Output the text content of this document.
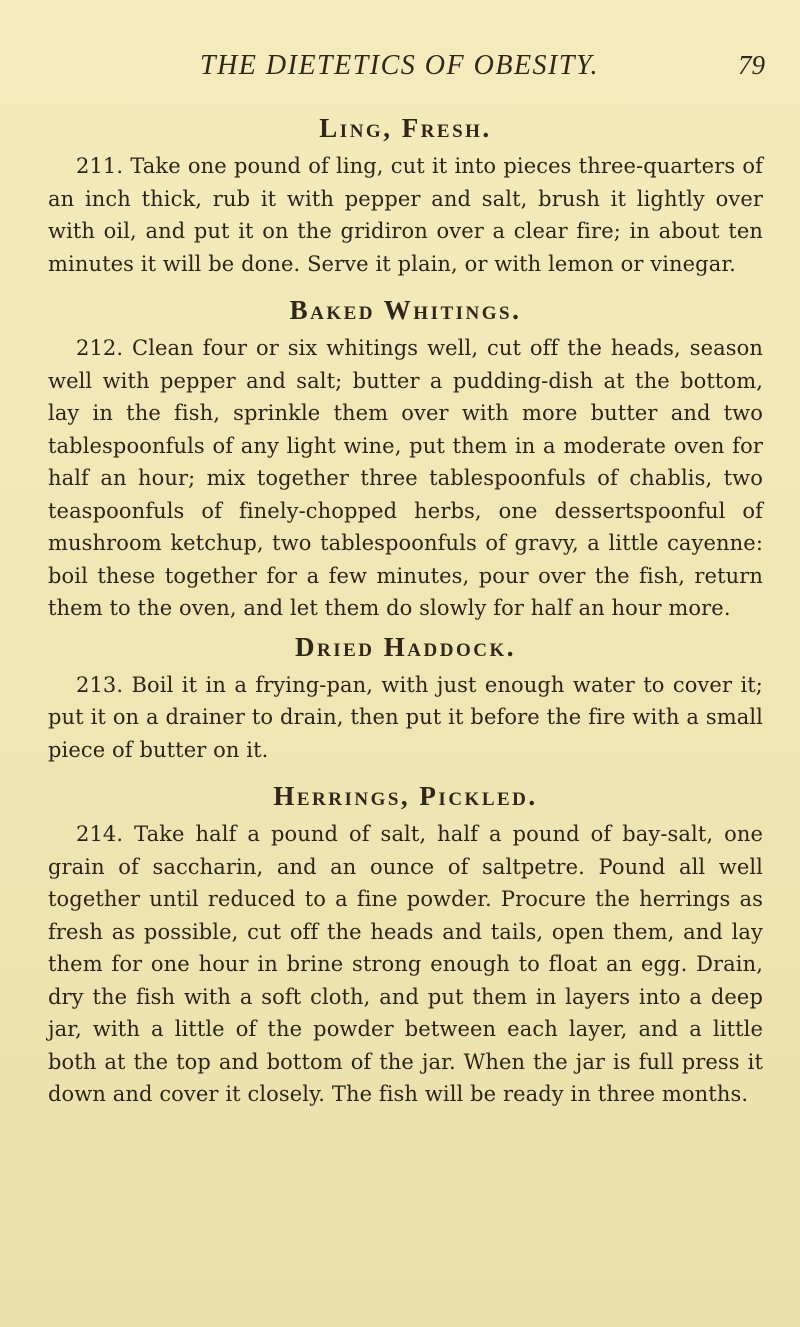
THE DIETETICS OF OBESITY.	79
Ling, Fresh.

211. Take one pound of ling, cut it into pieces three-quarters of an inch thick, rub it with pepper and salt, brush it lightly over with oil, and put it on the gridiron over a clear fire; in about ten minutes it will be done. Serve it plain, or with lemon or vinegar.

Baked Whitings.

212. Clean four or six whitings well, cut off the heads, season well with pepper and salt; butter a pudding-dish at the bottom, lay in the fish, sprinkle them over with more butter and two tablespoonfuls of any light wine, put them in a moderate oven for half an hour; mix together three tablespoonfuls of chablis, two teaspoonfuls of finely-chopped herbs, one dessertspoonful of mushroom ketchup, two tablespoonfuls of gravy, a little cayenne: boil these together for a few minutes, pour over the fish, return them to the oven, and let them do slowly for half an hour more.

Dried Haddock.

213. Boil it in a frying-pan, with just enough water to cover it; put it on a drainer to drain, then put it before the fire with a small piece of butter on it.

Herrings, Pickled.

214. Take half a pound of salt, half a pound of bay-salt, one grain of saccharin, and an ounce of saltpetre. Pound all well together until reduced to a fine powder. Procure the herrings as fresh as possible, cut off the heads and tails, open them, and lay them for one hour in brine strong enough to float an egg. Drain, dry the fish with a soft cloth, and put them in layers into a deep jar, with a little of the powder between each layer, and a little both at the top and bottom of the jar. When the jar is full press it down and cover it closely. The fish will be ready in three months.
